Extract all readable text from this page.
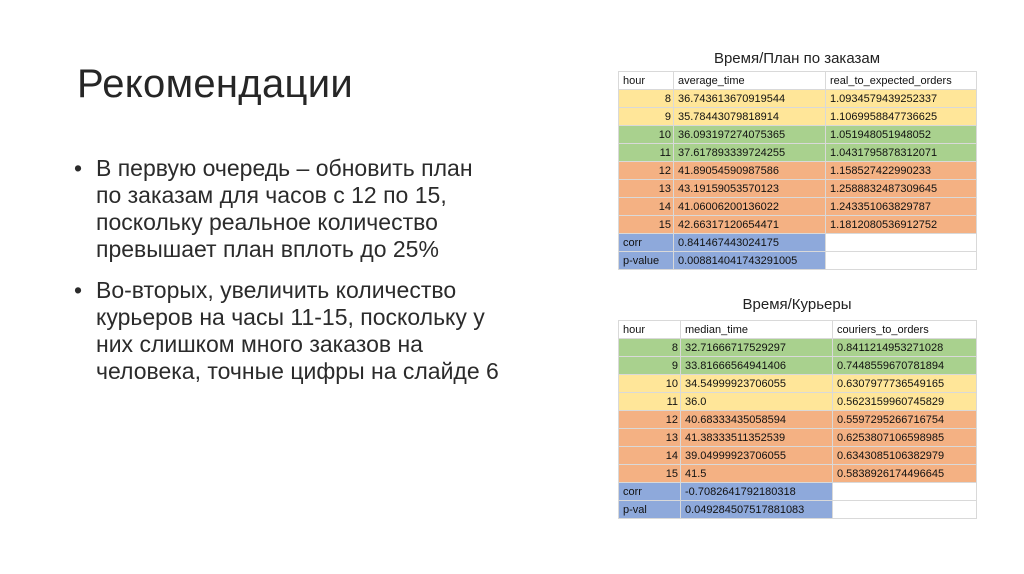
Рекомендации
• В первую очередь – обновить план по заказам для часов с 12 по 15, поскольку реальное количество превышает план вплоть до 25%
• Во-вторых, увеличить количество курьеров на часы 11-15, поскольку у них слишком много заказов на человека, точные цифры на слайде 6
Время/План по заказам
hour	average_time	real_to_expected_orders
8	36.743613670919544	1.0934579439252337
9	35.78443079818914	1.1069958847736625
10	36.093197274075365	1.051948051948052
11	37.617893339724255	1.0431795878312071
12	41.89054590987586	1.158527422990233
13	43.19159053570123	1.2588832487309645
14	41.06006200136022	1.243351063829787
15	42.66317120654471	1.1812080536912752
corr	0.841467443024175	
p-value	0.008814041743291005	
Время/Курьеры
hour	median_time	couriers_to_orders
8	32.71666717529297	0.8411214953271028
9	33.81666564941406	0.7448559670781894
10	34.54999923706055	0.6307977736549165
11	36.0	0.5623159960745829
12	40.68333435058594	0.5597295266716754
13	41.38333511352539	0.6253807106598985
14	39.04999923706055	0.6343085106382979
15	41.5	0.5838926174496645
corr	-0.7082641792180318	
p-val	0.049284507517881083	
